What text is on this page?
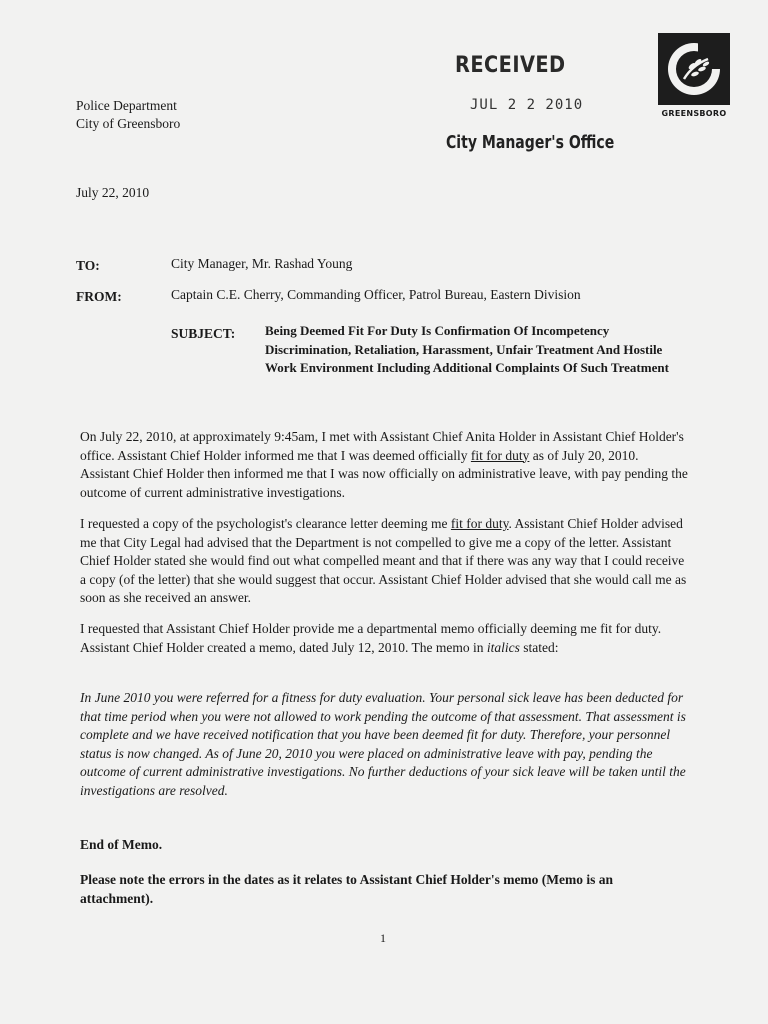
Police Department
City of Greensboro
RECEIVED
JUL 2 2 2010
City Manager's Office
GREENSBORO
July 22, 2010
TO:	City Manager, Mr. Rashad Young
FROM:	Captain C.E. Cherry, Commanding Officer, Patrol Bureau, Eastern Division
SUBJECT: Being Deemed Fit For Duty Is Confirmation Of Incompetency Discrimination, Retaliation, Harassment, Unfair Treatment And Hostile Work Environment Including Additional Complaints Of Such Treatment
On July 22, 2010, at approximately 9:45am, I met with Assistant Chief Anita Holder in Assistant Chief Holder's office. Assistant Chief Holder informed me that I was deemed officially fit for duty as of July 20, 2010. Assistant Chief Holder then informed me that I was now officially on administrative leave, with pay pending the outcome of current administrative investigations.
I requested a copy of the psychologist's clearance letter deeming me fit for duty. Assistant Chief Holder advised me that City Legal had advised that the Department is not compelled to give me a copy of the letter. Assistant Chief Holder stated she would find out what compelled meant and that if there was any way that I could receive a copy (of the letter) that she would suggest that occur. Assistant Chief Holder advised that she would call me as soon as she received an answer.
I requested that Assistant Chief Holder provide me a departmental memo officially deeming me fit for duty. Assistant Chief Holder created a memo, dated July 12, 2010. The memo in italics stated:
In June 2010 you were referred for a fitness for duty evaluation. Your personal sick leave has been deducted for that time period when you were not allowed to work pending the outcome of that assessment. That assessment is complete and we have received notification that you have been deemed fit for duty. Therefore, your personnel status is now changed. As of June 20, 2010 you were placed on administrative leave with pay, pending the outcome of current administrative investigations. No further deductions of your sick leave will be taken until the investigations are resolved.
End of Memo.
Please note the errors in the dates as it relates to Assistant Chief Holder's memo (Memo is an attachment).
1
